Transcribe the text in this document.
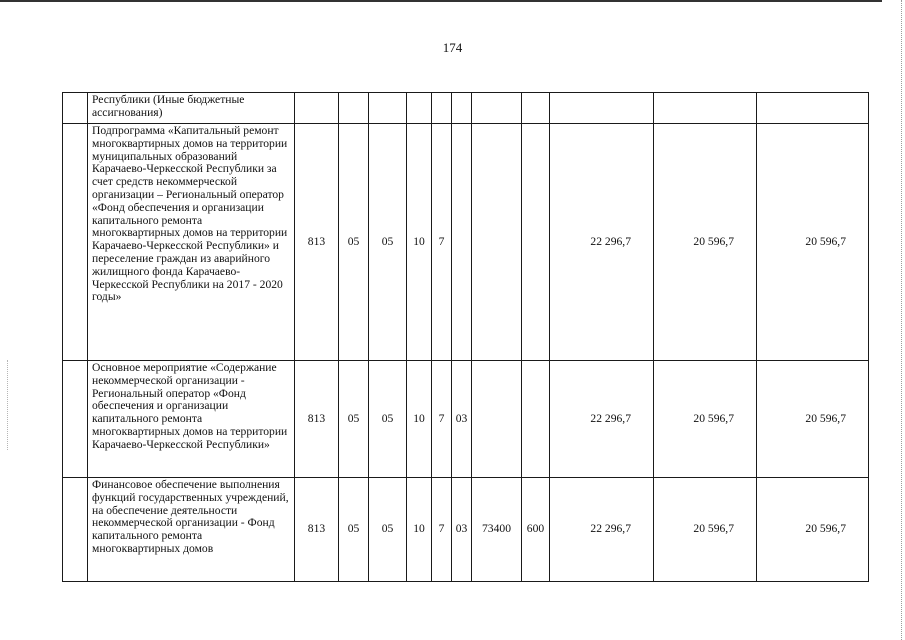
174
	Республики (Иные бюджетные ассигнования)											
	Подпрограмма «Капитальный ремонт многоквартирных домов на территории муниципальных образований Карачаево-Черкесской Республики за счет средств некоммерческой организации – Региональный оператор «Фонд обеспечения и организации капитального ремонта многоквартирных домов на территории Карачаево-Черкесской Республики» и переселение граждан из аварийного жилищного фонда Карачаево-Черкесской Республики на 2017 - 2020 годы»	813	05	05	10	7				22 296,7	20 596,7	20 596,7
	Основное мероприятие «Содержание некоммерческой организации - Региональный оператор «Фонд обеспечения и организации капитального ремонта многоквартирных домов на территории Карачаево-Черкесской Республики»	813	05	05	10	7	03			22 296,7	20 596,7	20 596,7
	Финансовое обеспечение выполнения функций государственных учреждений, на обеспечение деятельности некоммерческой организации - Фонд капитального ремонта многоквартирных домов	813	05	05	10	7	03	73400	600	22 296,7	20 596,7	20 596,7
